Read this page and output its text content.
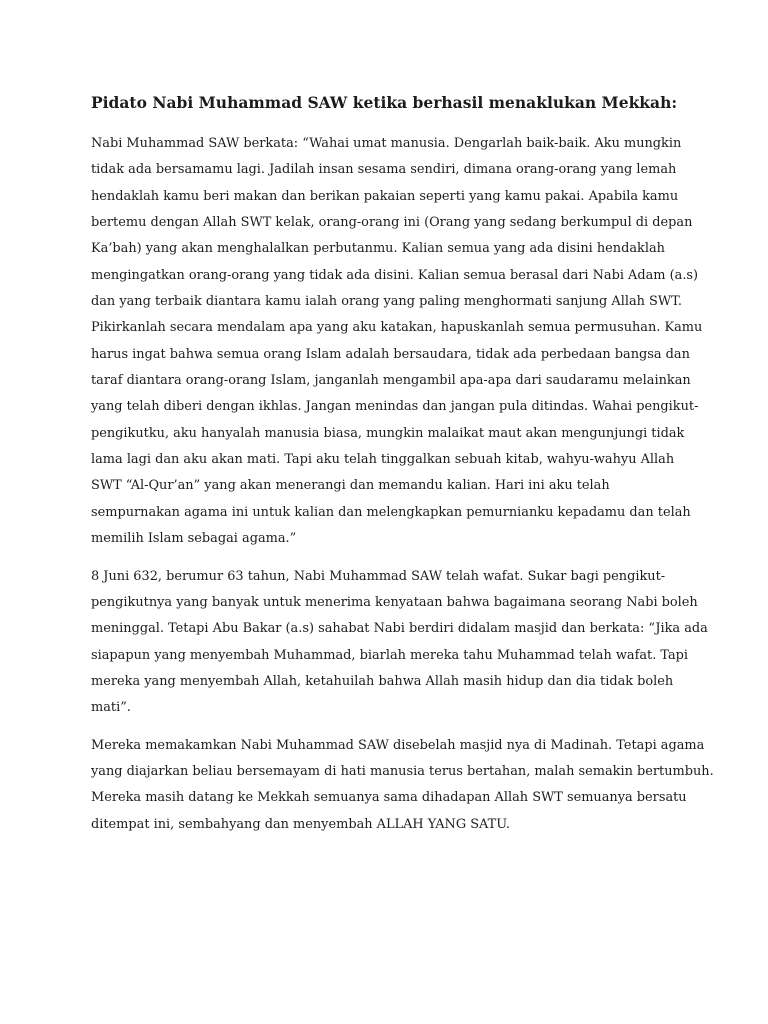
Pidato Nabi Muhammad SAW ketika berhasil menaklukan Mekkah:

Nabi Muhammad SAW berkata: “Wahai umat manusia. Dengarlah baik-baik. Aku mungkin
tidak ada bersamamu lagi. Jadilah insan sesama sendiri, dimana orang-orang yang lemah
hendaklah kamu beri makan dan berikan pakaian seperti yang kamu pakai. Apabila kamu
bertemu dengan Allah SWT kelak, orang-orang ini (Orang yang sedang berkumpul di depan
Ka’bah) yang akan menghalalkan perbutanmu. Kalian semua yang ada disini hendaklah
mengingatkan orang-orang yang tidak ada disini. Kalian semua berasal dari Nabi Adam (a.s)
dan yang terbaik diantara kamu ialah orang yang paling menghormati sanjung Allah SWT.
Pikirkanlah secara mendalam apa yang aku katakan, hapuskanlah semua permusuhan. Kamu
harus ingat bahwa semua orang Islam adalah bersaudara, tidak ada perbedaan bangsa dan
taraf diantara orang-orang Islam, janganlah mengambil apa-apa dari saudaramu melainkan
yang telah diberi dengan ikhlas. Jangan menindas dan jangan pula ditindas. Wahai pengikut-
pengikutku, aku hanyalah manusia biasa, mungkin malaikat maut akan mengunjungi tidak
lama lagi dan aku akan mati. Tapi aku telah tinggalkan sebuah kitab, wahyu-wahyu Allah
SWT “Al-Qur’an” yang akan menerangi dan memandu kalian. Hari ini aku telah
sempurnakan agama ini untuk kalian dan melengkapkan pemurnianku kepadamu dan telah
memilih Islam sebagai agama.”

8 Juni 632, berumur 63 tahun, Nabi Muhammad SAW telah wafat. Sukar bagi pengikut-
pengikutnya yang banyak untuk menerima kenyataan bahwa bagaimana seorang Nabi boleh
meninggal. Tetapi Abu Bakar (a.s) sahabat Nabi berdiri didalam masjid dan berkata: “Jika ada
siapapun yang menyembah Muhammad, biarlah mereka tahu Muhammad telah wafat. Tapi
mereka yang menyembah Allah, ketahuilah bahwa Allah masih hidup dan dia tidak boleh
mati”.

Mereka memakamkan Nabi Muhammad SAW disebelah masjid nya di Madinah. Tetapi agama
yang diajarkan beliau bersemayam di hati manusia terus bertahan, malah semakin bertumbuh.
Mereka masih datang ke Mekkah semuanya sama dihadapan Allah SWT semuanya bersatu
ditempat ini, sembahyang dan menyembah ALLAH YANG SATU.
